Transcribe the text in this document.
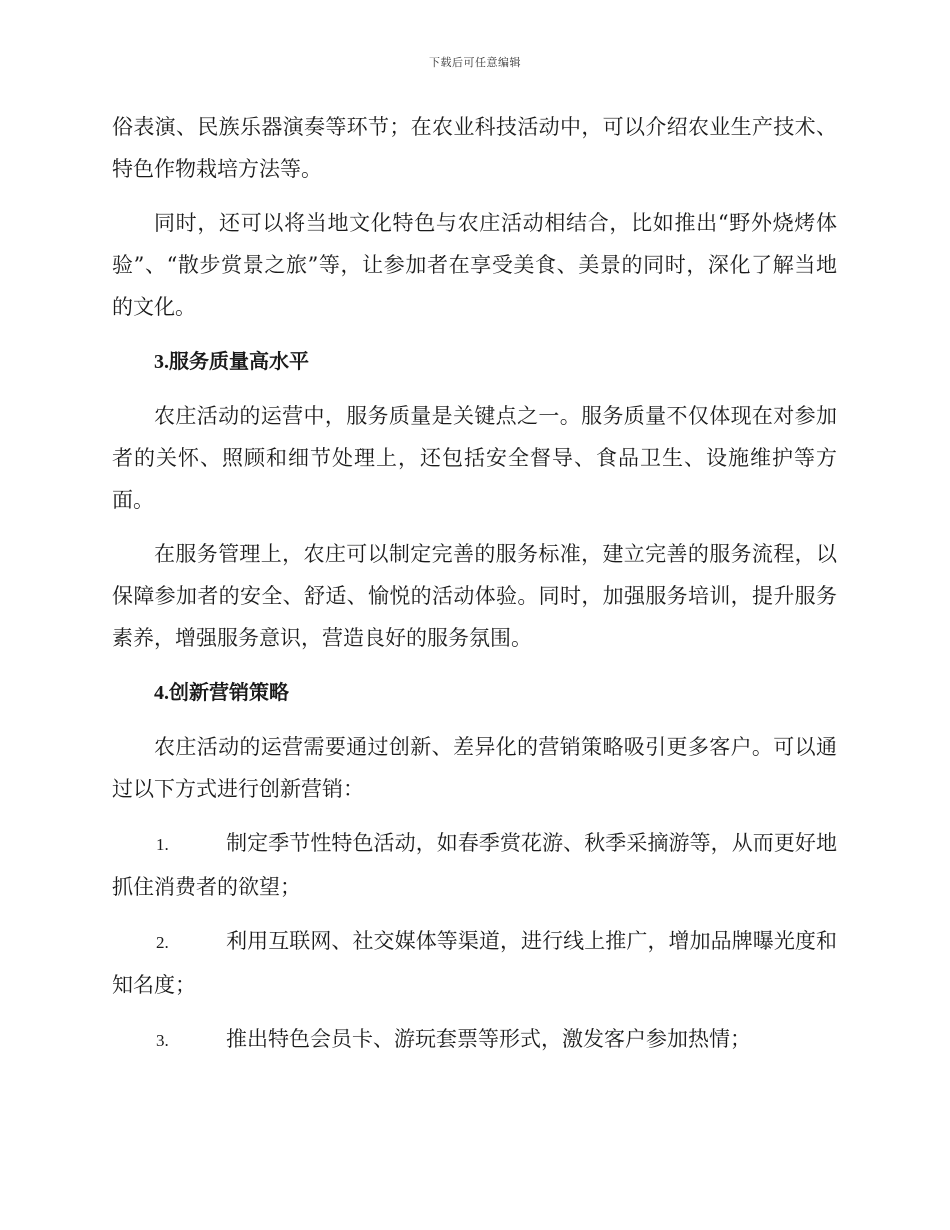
下载后可任意编辑

俗表演、民族乐器演奏等环节；在农业科技活动中，可以介绍农业生产技术、特色作物栽培方法等。

同时，还可以将当地文化特色与农庄活动相结合，比如推出“野外烧烤体验”、“散步赏景之旅”等，让参加者在享受美食、美景的同时，深化了解当地的文化。

3.服务质量高水平

农庄活动的运营中，服务质量是关键点之一。服务质量不仅体现在对参加者的关怀、照顾和细节处理上，还包括安全督导、食品卫生、设施维护等方面。

在服务管理上，农庄可以制定完善的服务标准，建立完善的服务流程，以保障参加者的安全、舒适、愉悦的活动体验。同时，加强服务培训，提升服务素养，增强服务意识，营造良好的服务氛围。

4.创新营销策略

农庄活动的运营需要通过创新、差异化的营销策略吸引更多客户。可以通过以下方式进行创新营销：

1.	制定季节性特色活动，如春季赏花游、秋季采摘游等，从而更好地抓住消费者的欲望；

2.	利用互联网、社交媒体等渠道，进行线上推广，增加品牌曝光度和知名度；

3.	推出特色会员卡、游玩套票等形式，激发客户参加热情；
